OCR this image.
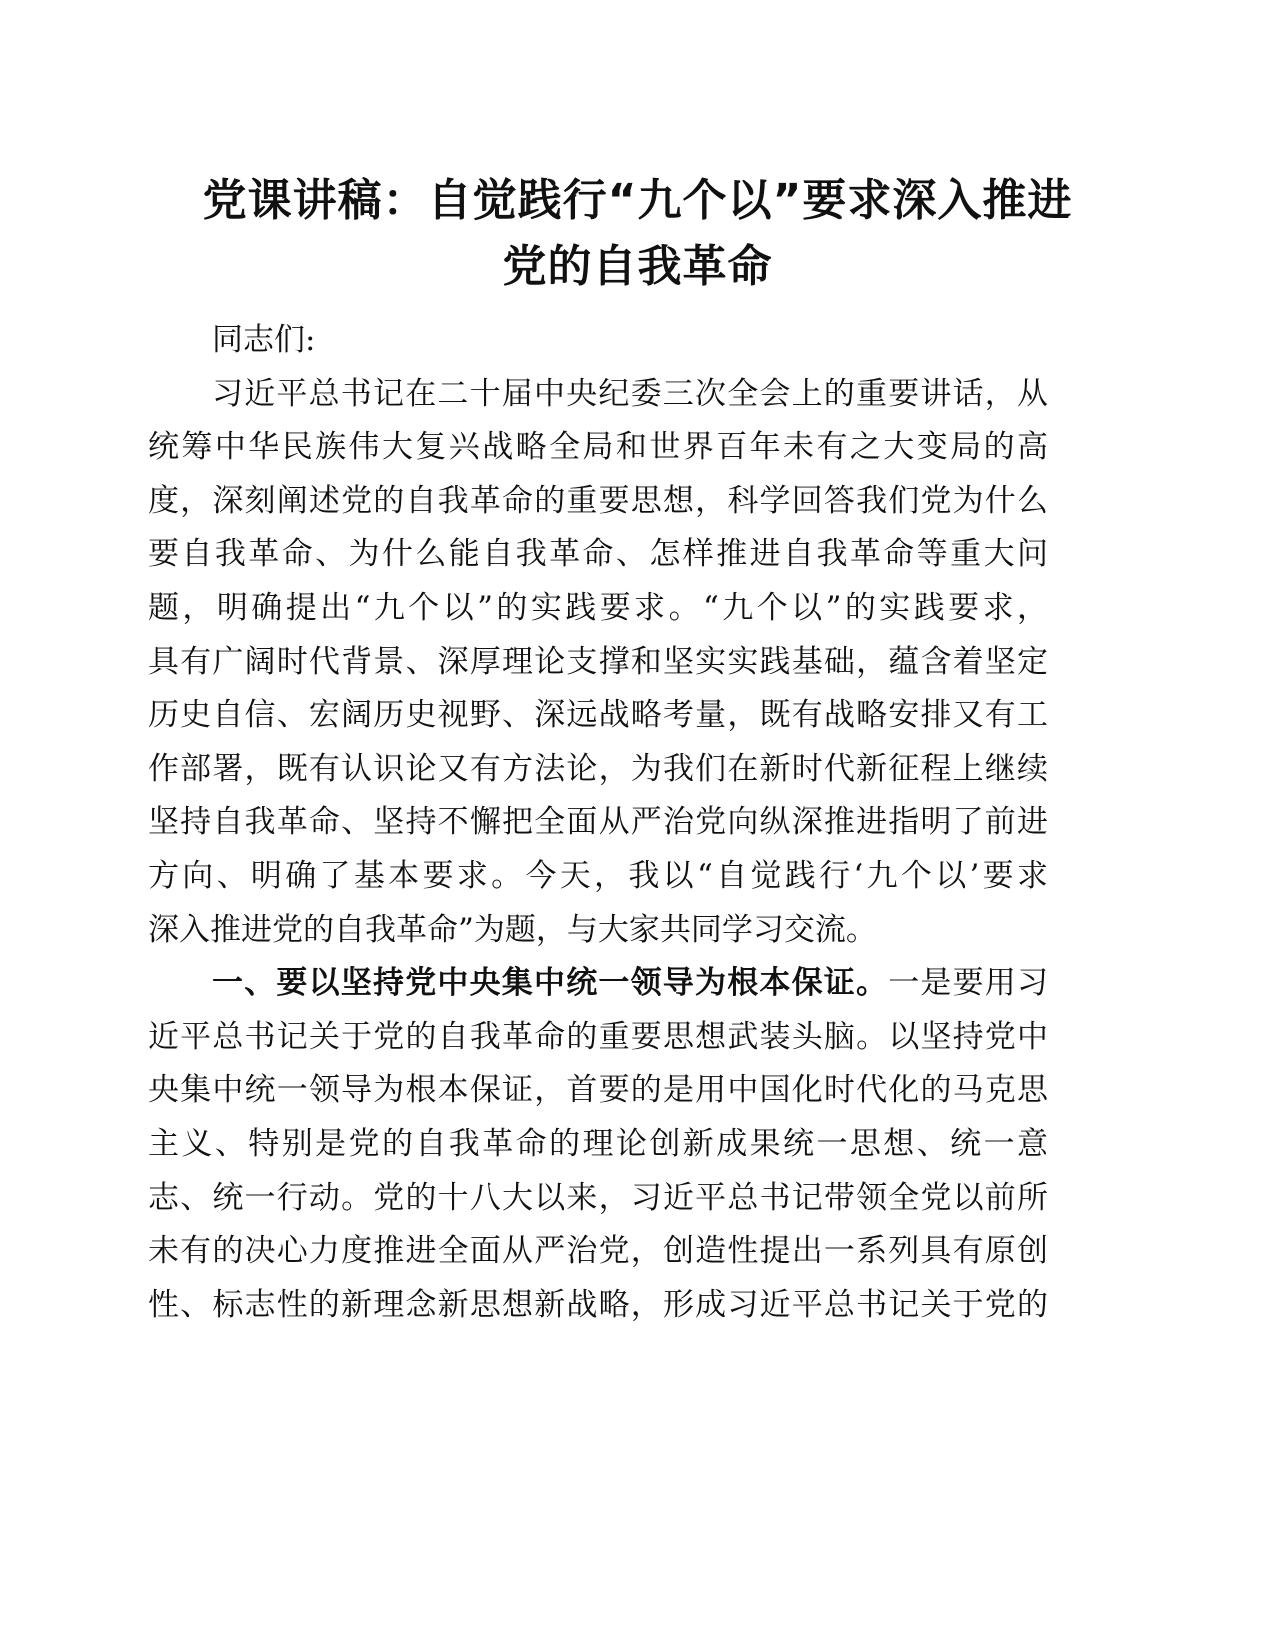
党课讲稿：自觉践行“九个以”要求深入推进
党的自我革命
同志们:
习近平总书记在二十届中央纪委三次全会上的重要讲话，从
统筹中华民族伟大复兴战略全局和世界百年未有之大变局的高
度，深刻阐述党的自我革命的重要思想，科学回答我们党为什么
要自我革命、为什么能自我革命、怎样推进自我革命等重大问
题，明确提出“九个以”的实践要求。“九个以”的实践要求，
具有广阔时代背景、深厚理论支撑和坚实实践基础，蕴含着坚定
历史自信、宏阔历史视野、深远战略考量，既有战略安排又有工
作部署，既有认识论又有方法论，为我们在新时代新征程上继续
坚持自我革命、坚持不懈把全面从严治党向纵深推进指明了前进
方向、明确了基本要求。今天，我以“自觉践行‘九个以’要求
深入推进党的自我革命”为题，与大家共同学习交流。
一、要以坚持党中央集中统一领导为根本保证。一是要用习
近平总书记关于党的自我革命的重要思想武装头脑。以坚持党中
央集中统一领导为根本保证，首要的是用中国化时代化的马克思
主义、特别是党的自我革命的理论创新成果统一思想、统一意
志、统一行动。党的十八大以来，习近平总书记带领全党以前所
未有的决心力度推进全面从严治党，创造性提出一系列具有原创
性、标志性的新理念新思想新战略，形成习近平总书记关于党的
